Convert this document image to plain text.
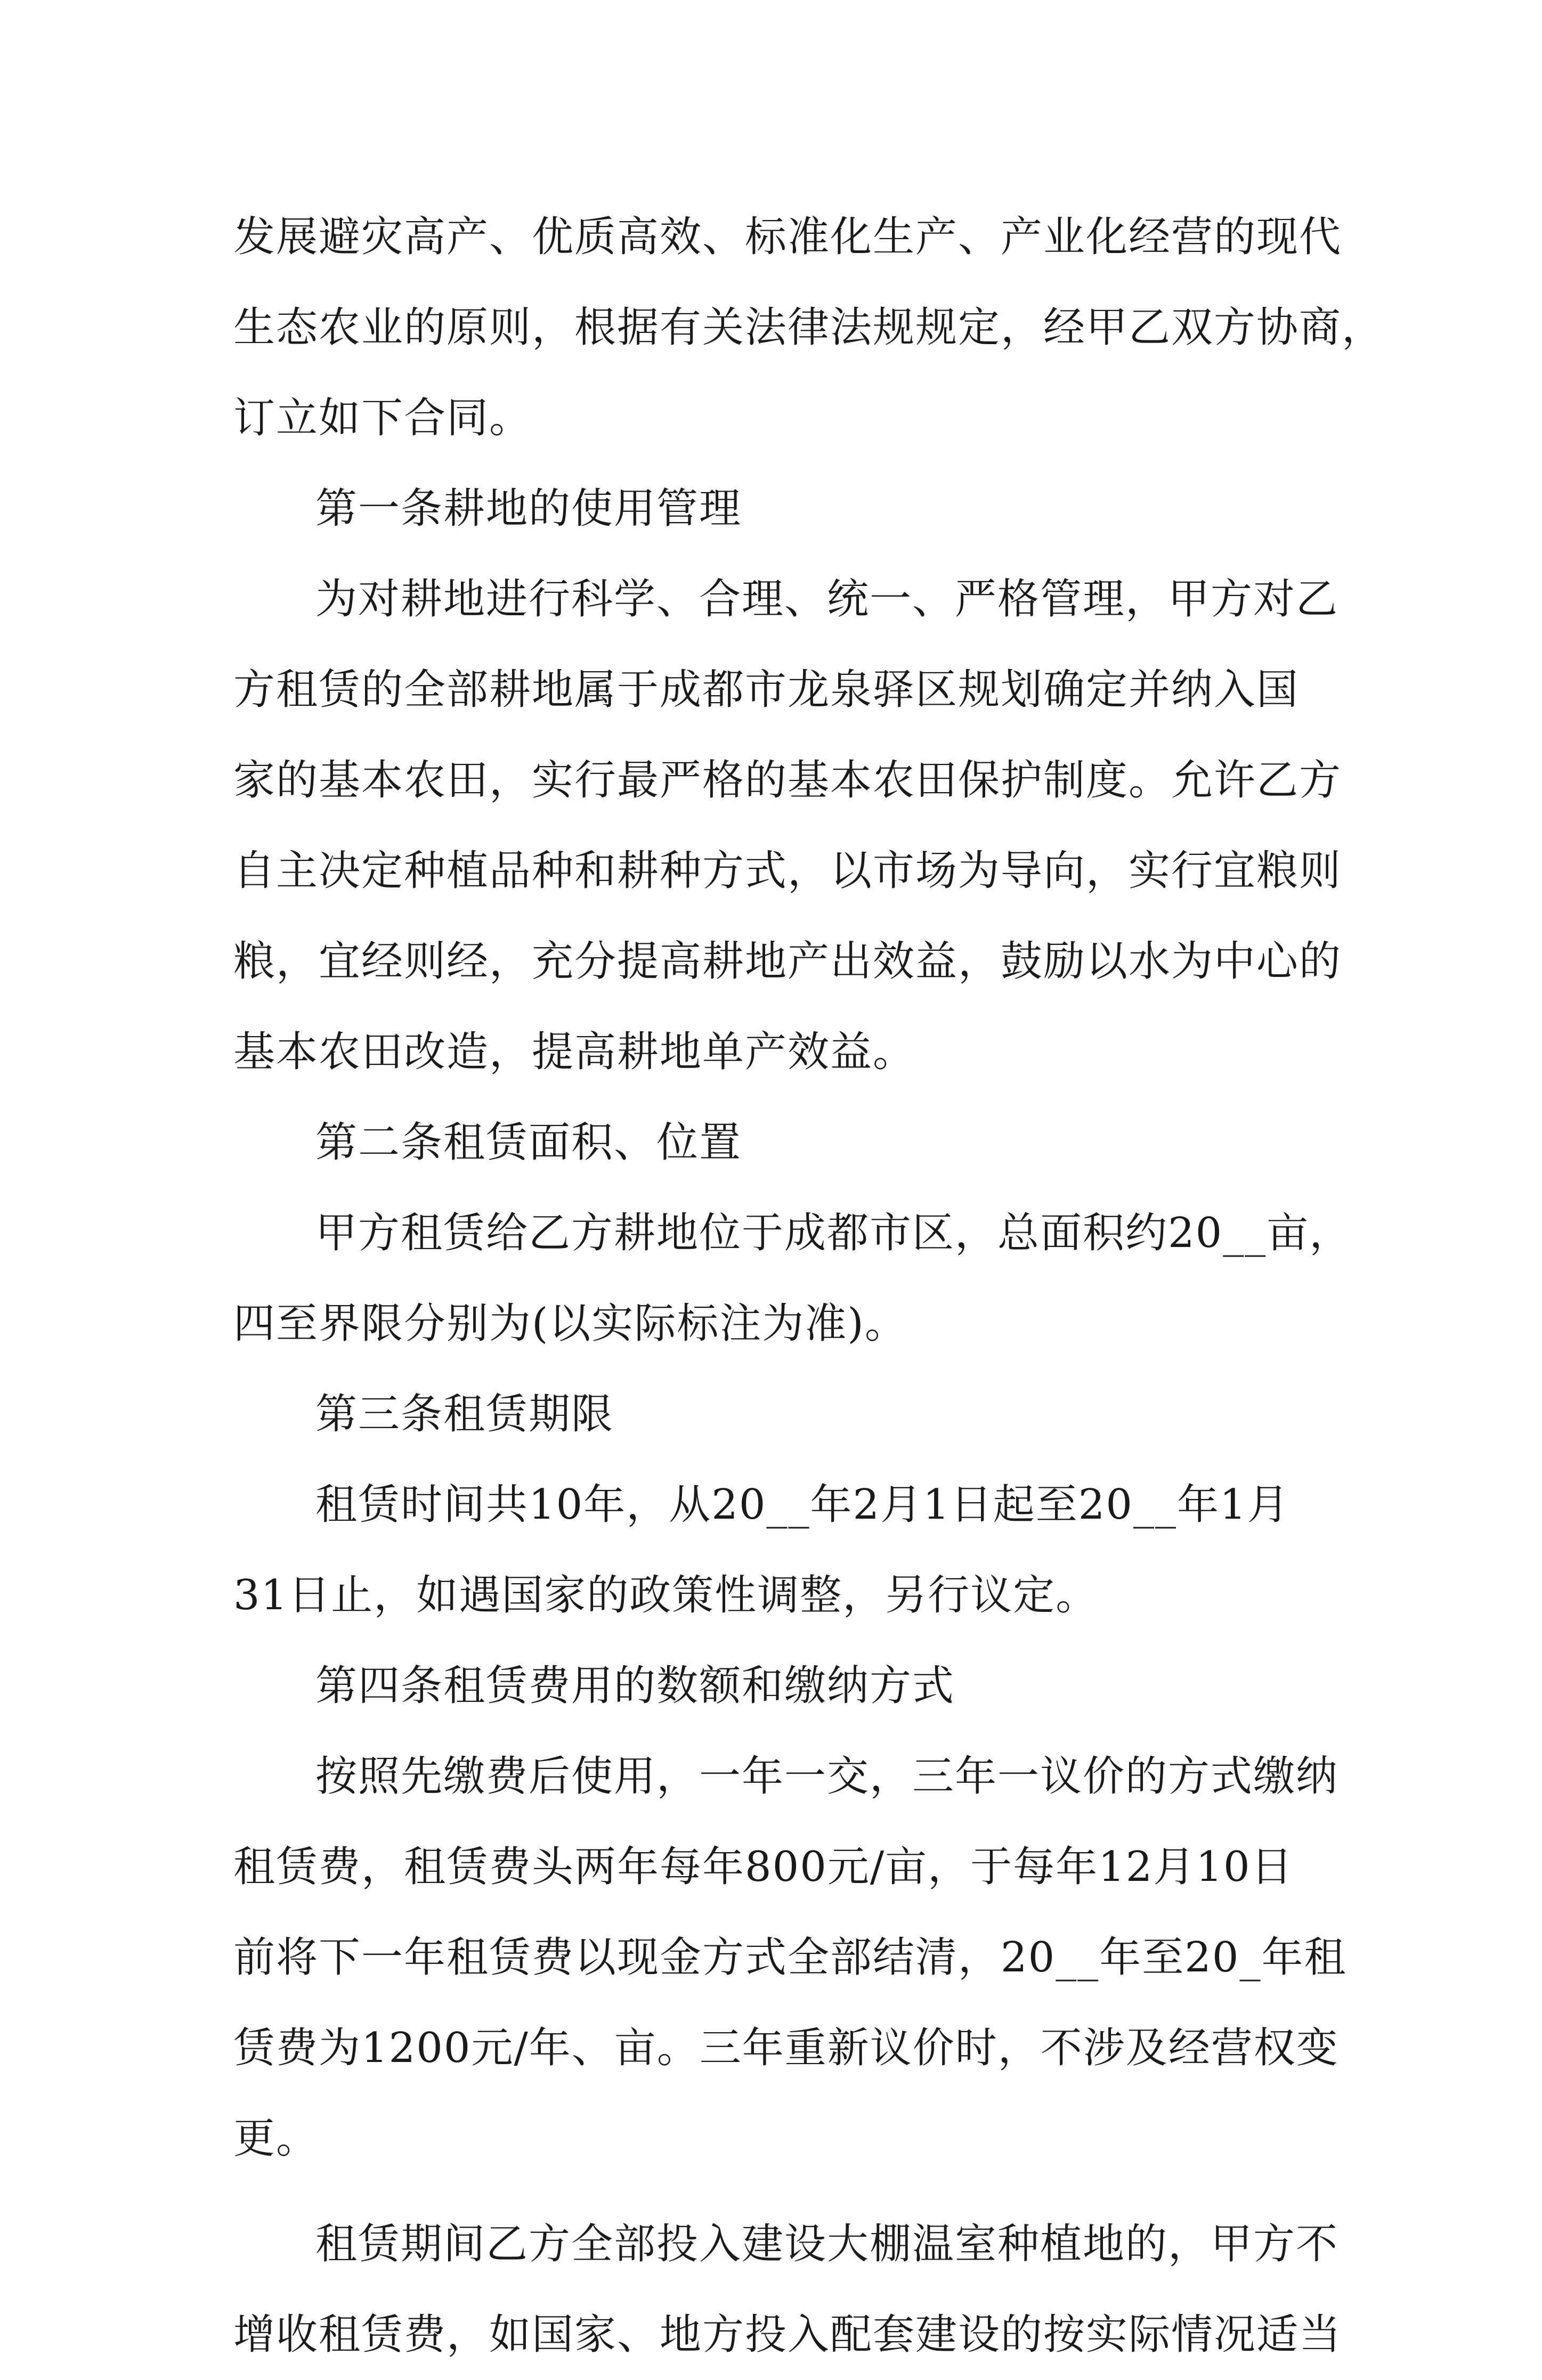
发展避灾高产、优质高效、标准化生产、产业化经营的现代
生态农业的原则，根据有关法律法规规定，经甲乙双方协商，
订立如下合同。
第一条耕地的使用管理
为对耕地进行科学、合理、统一、严格管理，甲方对乙
方租赁的全部耕地属于成都市龙泉驿区规划确定并纳入国
家的基本农田，实行最严格的基本农田保护制度。允许乙方
自主决定种植品种和耕种方式，以市场为导向，实行宜粮则
粮，宜经则经，充分提高耕地产出效益，鼓励以水为中心的
基本农田改造，提高耕地单产效益。
第二条租赁面积、位置
甲方租赁给乙方耕地位于成都市区，总面积约20__亩，
四至界限分别为(以实际标注为准)。
第三条租赁期限
租赁时间共10年，从20__年2月1日起至20__年1月
31日止，如遇国家的政策性调整，另行议定。
第四条租赁费用的数额和缴纳方式
按照先缴费后使用，一年一交，三年一议价的方式缴纳
租赁费，租赁费头两年每年800元/亩，于每年12月10日
前将下一年租赁费以现金方式全部结清，20__年至20_年租
赁费为1200元/年、亩。三年重新议价时，不涉及经营权变
更。
租赁期间乙方全部投入建设大棚温室种植地的，甲方不
增收租赁费，如国家、地方投入配套建设的按实际情况适当
